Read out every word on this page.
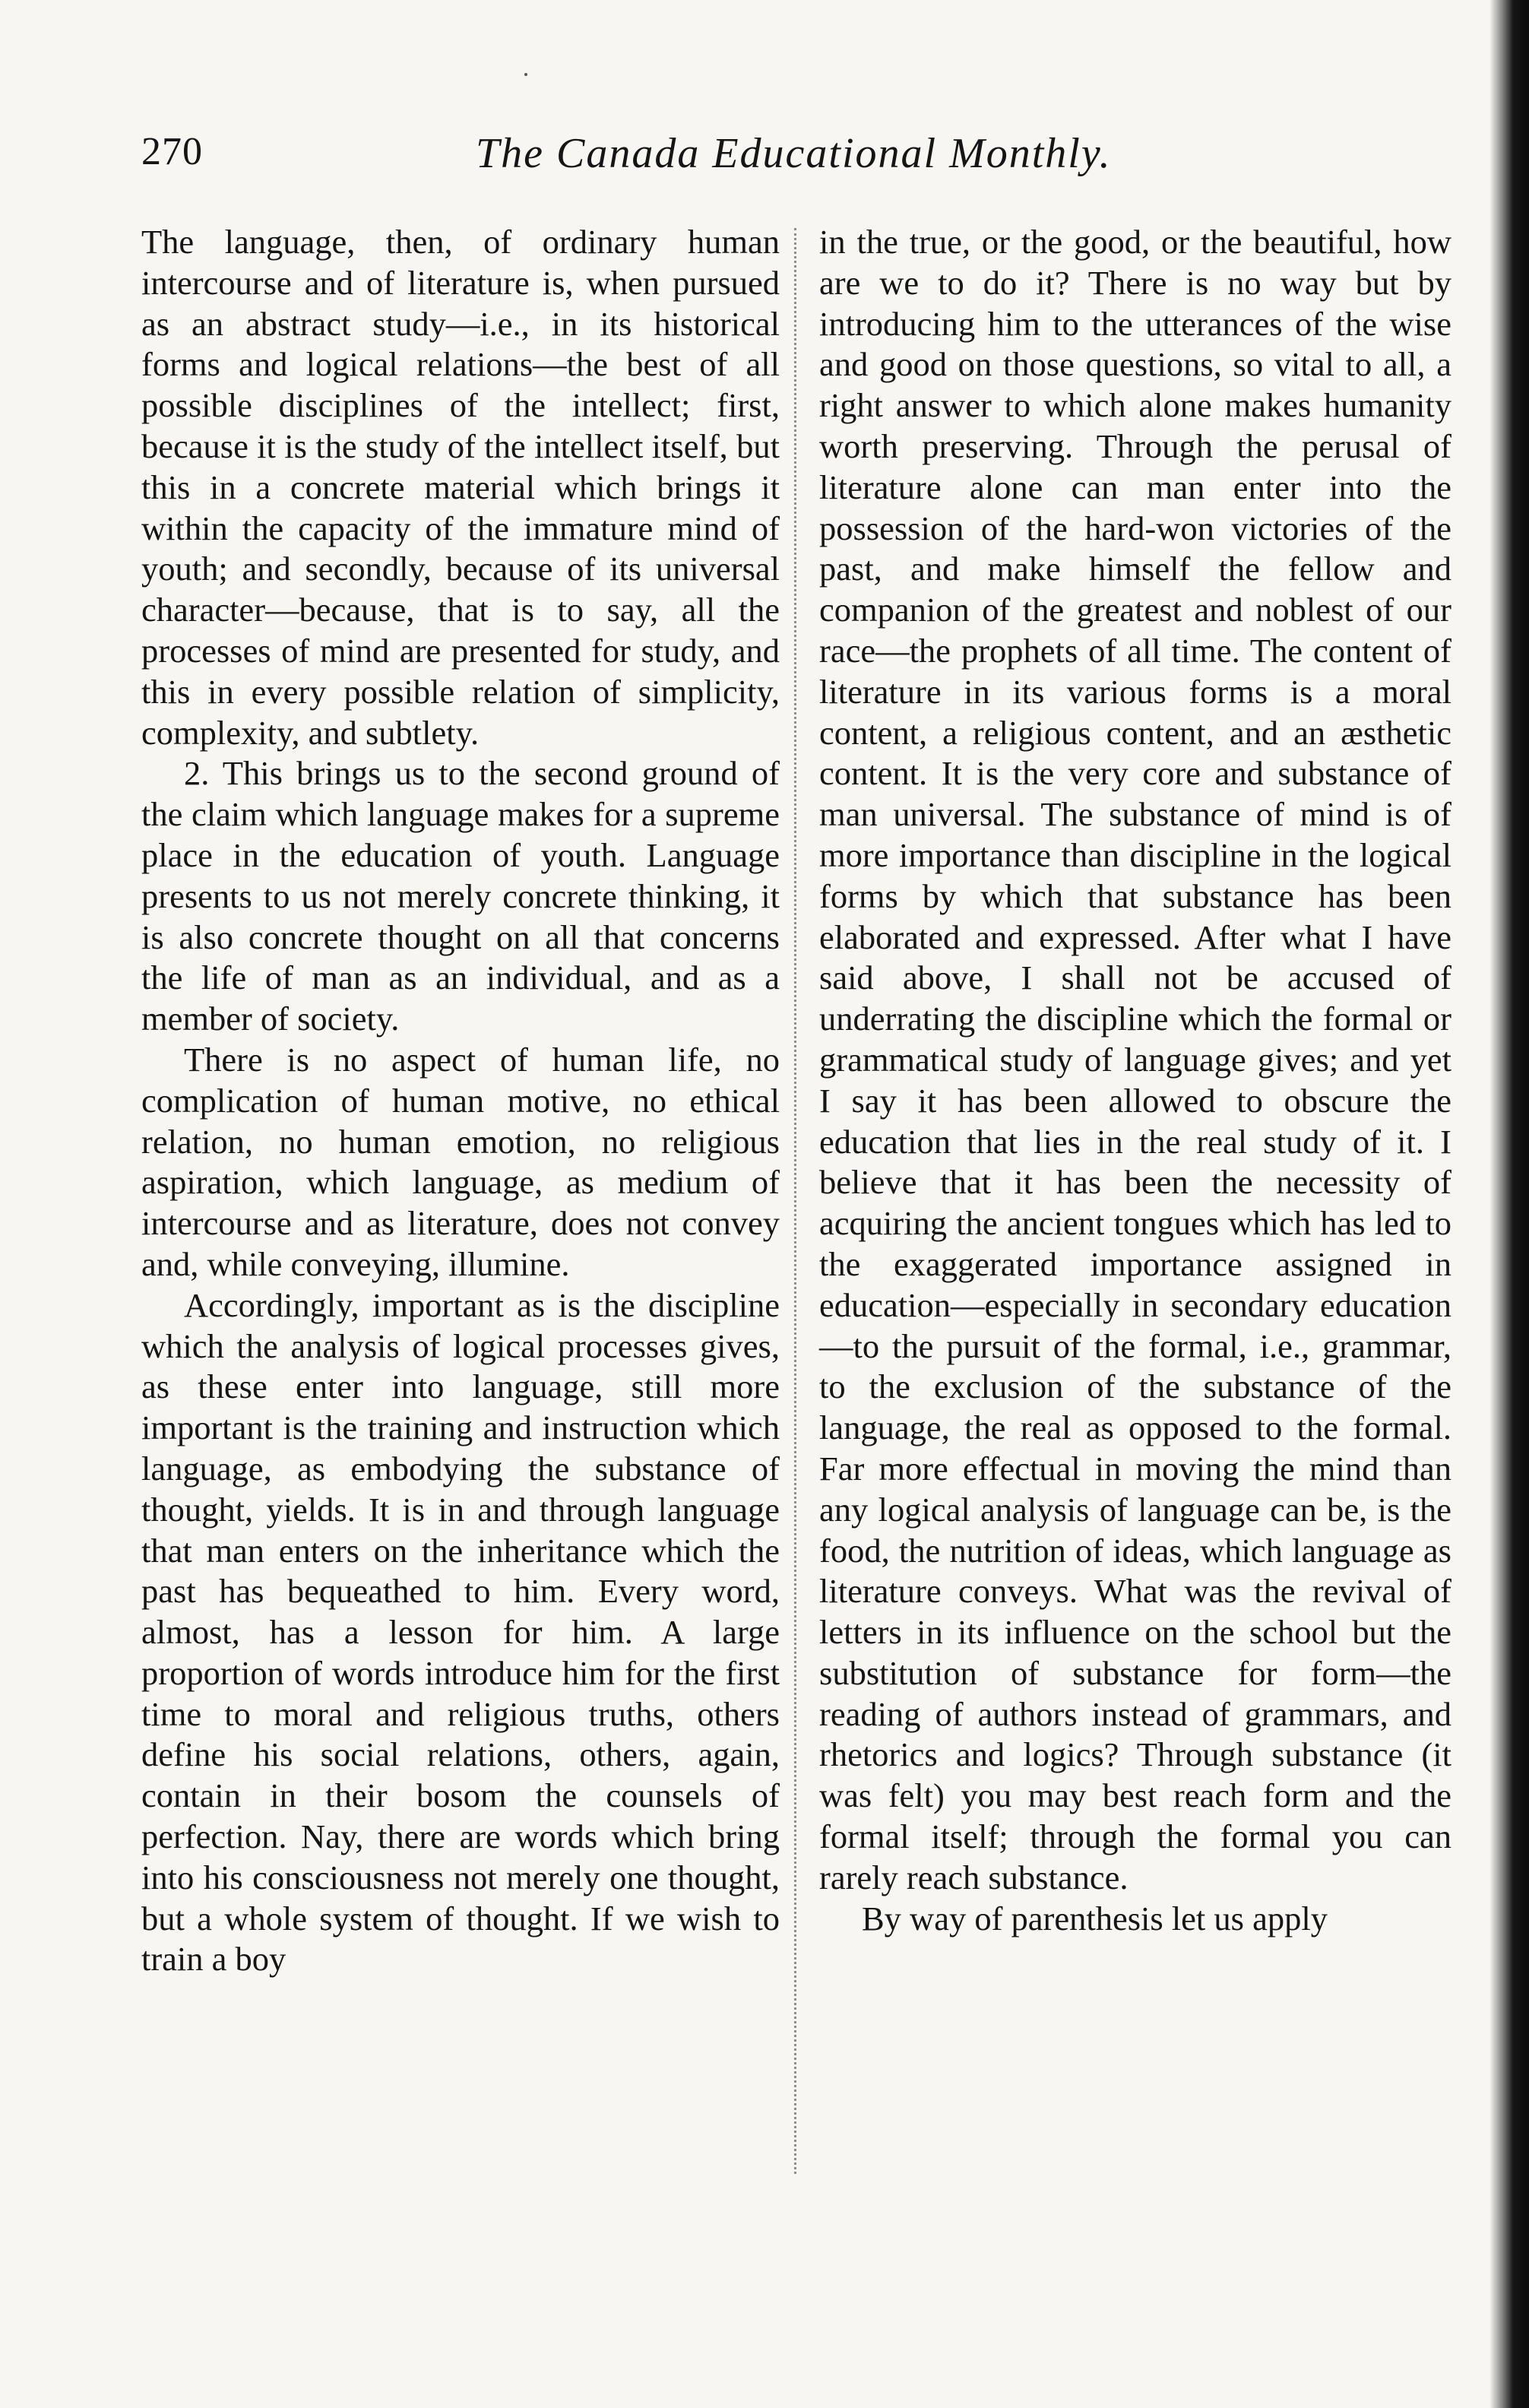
270	The Canada Educational Monthly.

The language, then, of ordinary human intercourse and of literature is, when pursued as an abstract study—i.e., in its historical forms and logical relations—the best of all possible disciplines of the intellect; first, because it is the study of the intellect itself, but this in a concrete material which brings it within the capacity of the immature mind of youth; and secondly, because of its universal character—because, that is to say, all the processes of mind are presented for study, and this in every possible relation of simplicity, complexity, and subtlety.

2. This brings us to the second ground of the claim which language makes for a supreme place in the education of youth. Language presents to us not merely concrete thinking, it is also concrete thought on all that concerns the life of man as an individual, and as a member of society.

There is no aspect of human life, no complication of human motive, no ethical relation, no human emotion, no religious aspiration, which language, as medium of intercourse and as literature, does not convey and, while conveying, illumine.

Accordingly, important as is the discipline which the analysis of logical processes gives, as these enter into language, still more important is the training and instruction which language, as embodying the substance of thought, yields. It is in and through language that man enters on the inheritance which the past has bequeathed to him. Every word, almost, has a lesson for him. A large proportion of words introduce him for the first time to moral and religious truths, others define his social relations, others, again, contain in their bosom the counsels of perfection. Nay, there are words which bring into his consciousness not merely one thought, but a whole system of thought. If we wish to train a boy

in the true, or the good, or the beautiful, how are we to do it? There is no way but by introducing him to the utterances of the wise and good on those questions, so vital to all, a right answer to which alone makes humanity worth preserving. Through the perusal of literature alone can man enter into the possession of the hard-won victories of the past, and make himself the fellow and companion of the greatest and noblest of our race—the prophets of all time. The content of literature in its various forms is a moral content, a religious content, and an æsthetic content. It is the very core and substance of man universal. The substance of mind is of more importance than discipline in the logical forms by which that substance has been elaborated and expressed. After what I have said above, I shall not be accused of underrating the discipline which the formal or grammatical study of language gives; and yet I say it has been allowed to obscure the education that lies in the real study of it. I believe that it has been the necessity of acquiring the ancient tongues which has led to the exaggerated importance assigned in education—especially in secondary education—to the pursuit of the formal, i.e., grammar, to the exclusion of the substance of the language, the real as opposed to the formal. Far more effectual in moving the mind than any logical analysis of language can be, is the food, the nutrition of ideas, which language as literature conveys. What was the revival of letters in its influence on the school but the substitution of substance for form—the reading of authors instead of grammars, and rhetorics and logics? Through substance (it was felt) you may best reach form and the formal itself; through the formal you can rarely reach substance.

By way of parenthesis let us apply
